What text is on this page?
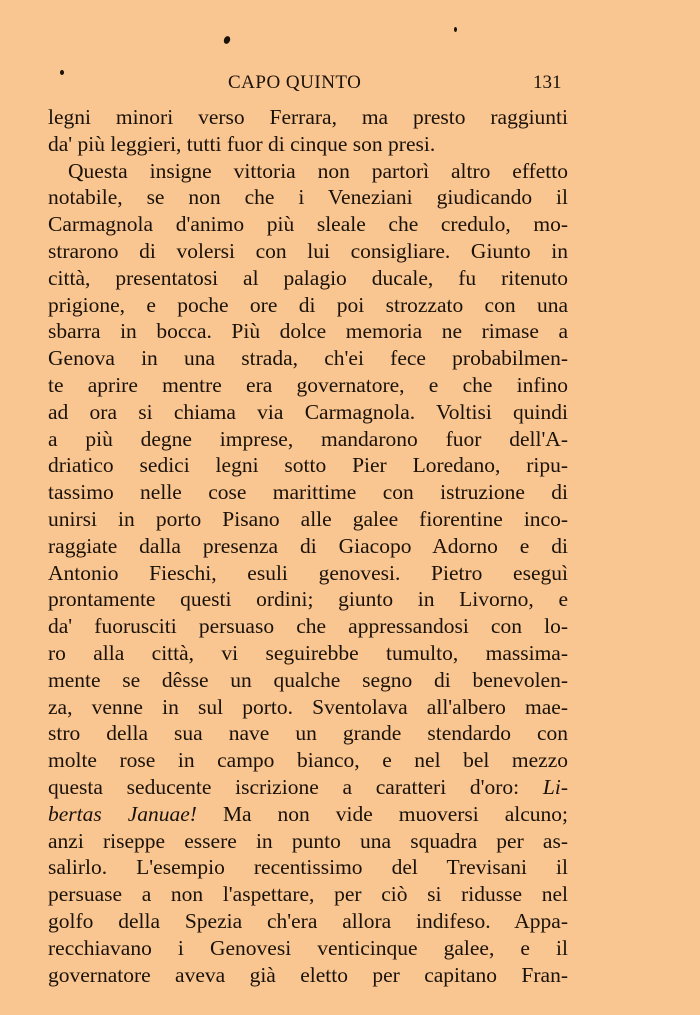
CAPO QUINTO	131
legni minori verso Ferrara, ma presto raggiunti
da' più leggieri, tutti fuor di cinque son presi.
Questa insigne vittoria non partorì altro effetto
notabile, se non che i Veneziani giudicando il
Carmagnola d'animo più sleale che credulo, mo-
strarono di volersi con lui consigliare. Giunto in
città, presentatosi al palagio ducale, fu ritenuto
prigione, e poche ore di poi strozzato con una
sbarra in bocca. Più dolce memoria ne rimase a
Genova in una strada, ch'ei fece probabilmen-
te aprire mentre era governatore, e che infino
ad ora si chiama via Carmagnola. Voltisi quindi
a più degne imprese, mandarono fuor dell'A-
driatico sedici legni sotto Pier Loredano, ripu-
tassimo nelle cose marittime con istruzione di
unirsi in porto Pisano alle galee fiorentine inco-
raggiate dalla presenza di Giacopo Adorno e di
Antonio Fieschi, esuli genovesi. Pietro eseguì
prontamente questi ordini; giunto in Livorno, e
da' fuorusciti persuaso che appressandosi con lo-
ro alla città, vi seguirebbe tumulto, massima-
mente se dêsse un qualche segno di benevolen-
za, venne in sul porto. Sventolava all'albero mae-
stro della sua nave un grande stendardo con
molte rose in campo bianco, e nel bel mezzo
questa seducente iscrizione a caratteri d'oro: Li-
bertas Januae! Ma non vide muoversi alcuno;
anzi riseppe essere in punto una squadra per as-
salirlo. L'esempio recentissimo del Trevisani il
persuase a non l'aspettare, per ciò si ridusse nel
golfo della Spezia ch'era allora indifeso. Appa-
recchiavano i Genovesi venticinque galee, e il
governatore aveva già eletto per capitano Fran-
